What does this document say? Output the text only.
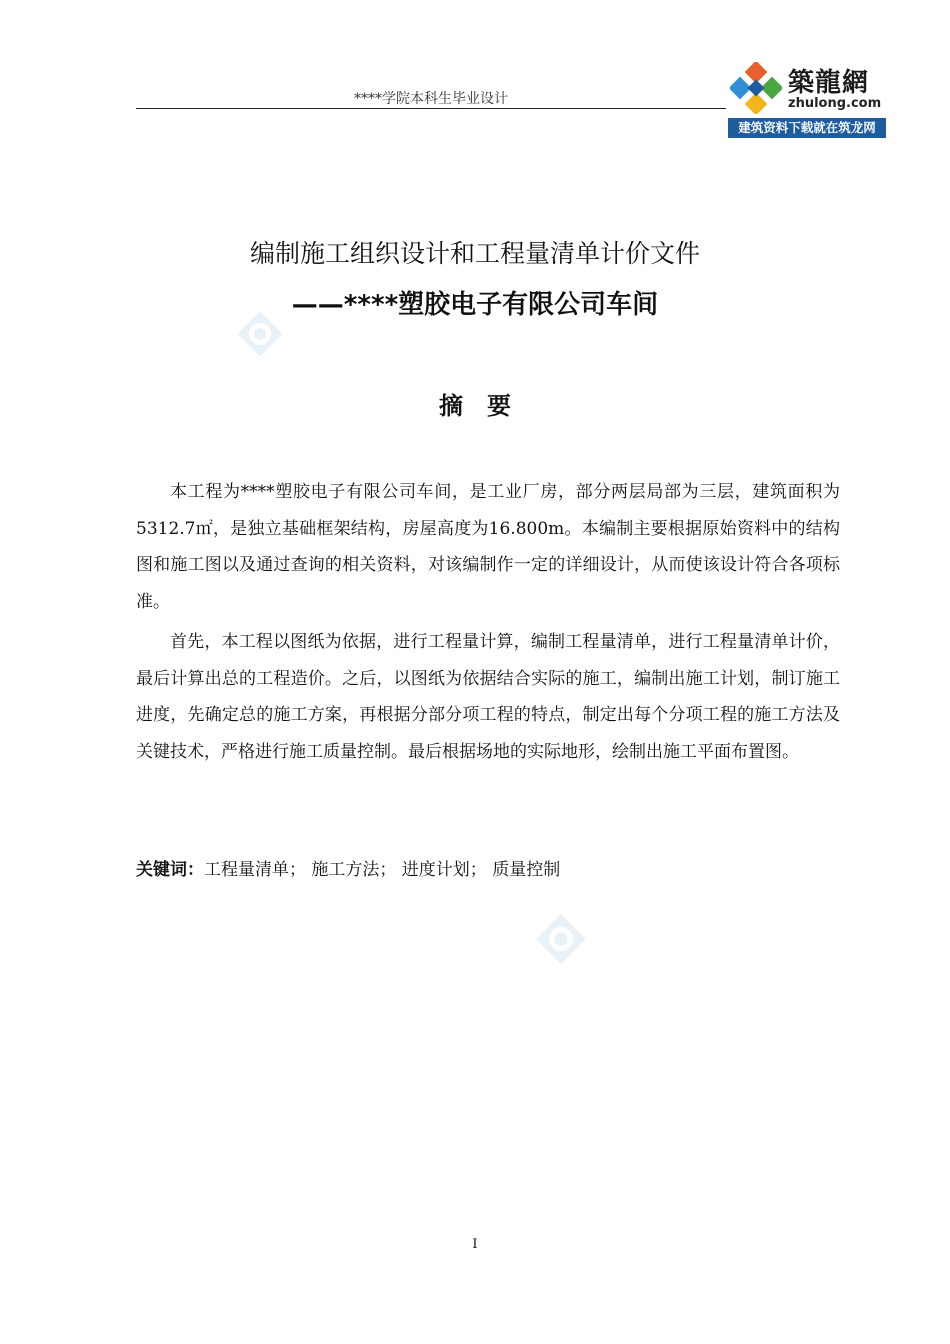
****学院本科生毕业设计
築龍網
zhulong.com
建筑资料下载就在筑龙网
编制施工组织设计和工程量清单计价文件
——****塑胶电子有限公司车间
摘要

本工程为****塑胶电子有限公司车间，是工业厂房，部分两层局部为三层，建筑面积为5312.7㎡，是独立基础框架结构，房屋高度为16.800m。本编制主要根据原始资料中的结构图和施工图以及通过查询的相关资料，对该编制作一定的详细设计，从而使该设计符合各项标准。

首先，本工程以图纸为依据，进行工程量计算，编制工程量清单，进行工程量清单计价，最后计算出总的工程造价。之后，以图纸为依据结合实际的施工，编制出施工计划，制订施工进度，先确定总的施工方案，再根据分部分项工程的特点，制定出每个分项工程的施工方法及关键技术，严格进行施工质量控制。最后根据场地的实际地形，绘制出施工平面布置图。

关键词：工程量清单； 施工方法； 进度计划； 质量控制
I
